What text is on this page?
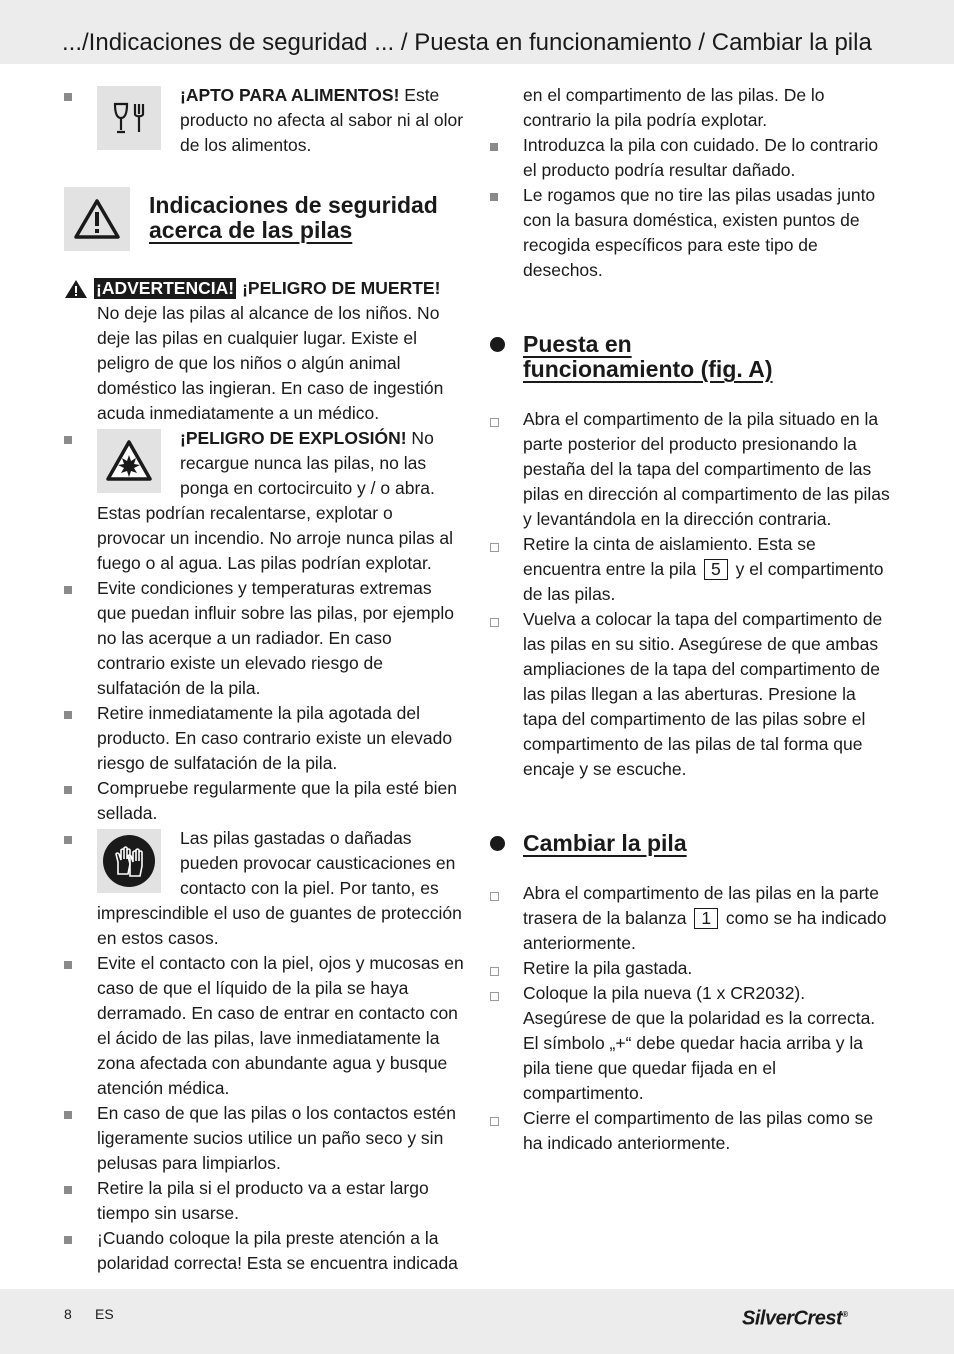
.../Indicaciones de seguridad ... / Puesta en funcionamiento / Cambiar la pila

¡APTO PARA ALIMENTOS! Este producto no afecta al sabor ni al olor de los alimentos.

Indicaciones de seguridad
acerca de las pilas
¡ADVERTENCIA! ¡PELIGRO DE MUERTE!

No deje las pilas al alcance de los niños. No deje las pilas en cualquier lugar. Existe el peligro de que los niños o algún animal doméstico las ingieran. En caso de ingestión acuda inmediatamente a un médico.

¡PELIGRO DE EXPLOSIÓN! No recargue nunca las pilas, no las ponga en cortocircuito y / o abra. Estas podrían recalentarse, explotar o provocar un incendio. No arroje nunca pilas al fuego o al agua. Las pilas podrían explotar.

Evite condiciones y temperaturas extremas que puedan influir sobre las pilas, por ejemplo no las acerque a un radiador. En caso contrario existe un elevado riesgo de sulfatación de la pila.

Retire inmediatamente la pila agotada del producto. En caso contrario existe un elevado riesgo de sulfatación de la pila.

Compruebe regularmente que la pila esté bien sellada.

Las pilas gastadas o dañadas pueden provocar causticaciones en contacto con la piel. Por tanto, es imprescindible el uso de guantes de protección en estos casos.

Evite el contacto con la piel, ojos y mucosas en caso de que el líquido de la pila se haya derramado. En caso de entrar en contacto con el ácido de las pilas, lave inmediatamente la zona afectada con abundante agua y busque atención médica.

En caso de que las pilas o los contactos estén ligeramente sucios utilice un paño seco y sin pelusas para limpiarlos.

Retire la pila si el producto va a estar largo tiempo sin usarse.

¡Cuando coloque la pila preste atención a la polaridad correcta! Esta se encuentra indicada

en el compartimento de las pilas. De lo contrario la pila podría explotar.

Introduzca la pila con cuidado. De lo contrario el producto podría resultar dañado.

Le rogamos que no tire las pilas usadas junto con la basura doméstica, existen puntos de recogida específicos para este tipo de desechos.

Puesta en
funcionamiento (fig. A)

Abra el compartimento de la pila situado en la parte posterior del producto presionando la pestaña del la tapa del compartimento de las pilas en dirección al compartimento de las pilas y levantándola en la dirección contraria.

Retire la cinta de aislamiento. Esta se encuentra entre la pila 5 y el compartimento de las pilas.

Vuelva a colocar la tapa del compartimento de las pilas en su sitio. Asegúrese de que ambas ampliaciones de la tapa del compartimento de las pilas llegan a las aberturas. Presione la tapa del compartimento de las pilas sobre el compartimento de las pilas de tal forma que encaje y se escuche.

Cambiar la pila

Abra el compartimento de las pilas en la parte trasera de la balanza 1 como se ha indicado anteriormente.

Retire la pila gastada.

Coloque la pila nueva (1 x CR2032). Asegúrese de que la polaridad es la correcta. El símbolo „+“ debe quedar hacia arriba y la pila tiene que quedar fijada en el compartimento.

Cierre el compartimento de las pilas como se ha indicado anteriormente.

8 ES	SilverCrest®
